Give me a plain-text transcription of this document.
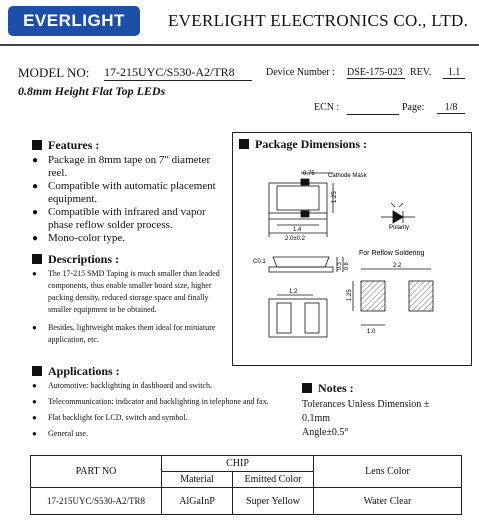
EVERLIGHT	EVERLIGHT ELECTRONICS CO., LTD.
MODEL NO: 17-215UYC/S530-A2/TR8	Device Number : DSE-175-023 REV.	1.1
0.8mm Height Flat Top LEDs
ECN :	Page:	1/8
Features :
● Package in 8mm tape on 7" diameter reel.
● Compatible with automatic placement equipment.
● Compatible with infrared and vapor phase reflow solder process.
● Mono-color type.
Descriptions :
● The 17-215 SMD Taping is much smaller than leaded components, thus enable smaller board size, higher packing density, reduced storage space and finally smaller equipment to be obtained.
● Besides, lightweight makes them ideal for miniature application, etc.
Applications :
● Automotive: backlighting in dashboard and switch.
● Telecommunication: indicator and backlighting in telephone and fax.
● Flat backlight for LCD, switch and symbol.
● General use.
Package Dimensions :
0.75 Cathode Mask
1.25
1.4
2.0±0.2
Polarity
C0.1
0.3 0.8
1.2
For Reflow Soldering
2.2
1.25
1.0
Notes :
Tolerances Unless Dimension ±
0.1mm
Angle±0.5°
PART NO	CHIP		Lens Color
	Material	Emitted Color	
17-215UYC/S530-A2/TR8	AlGaInP	Super Yellow	Water Clear
